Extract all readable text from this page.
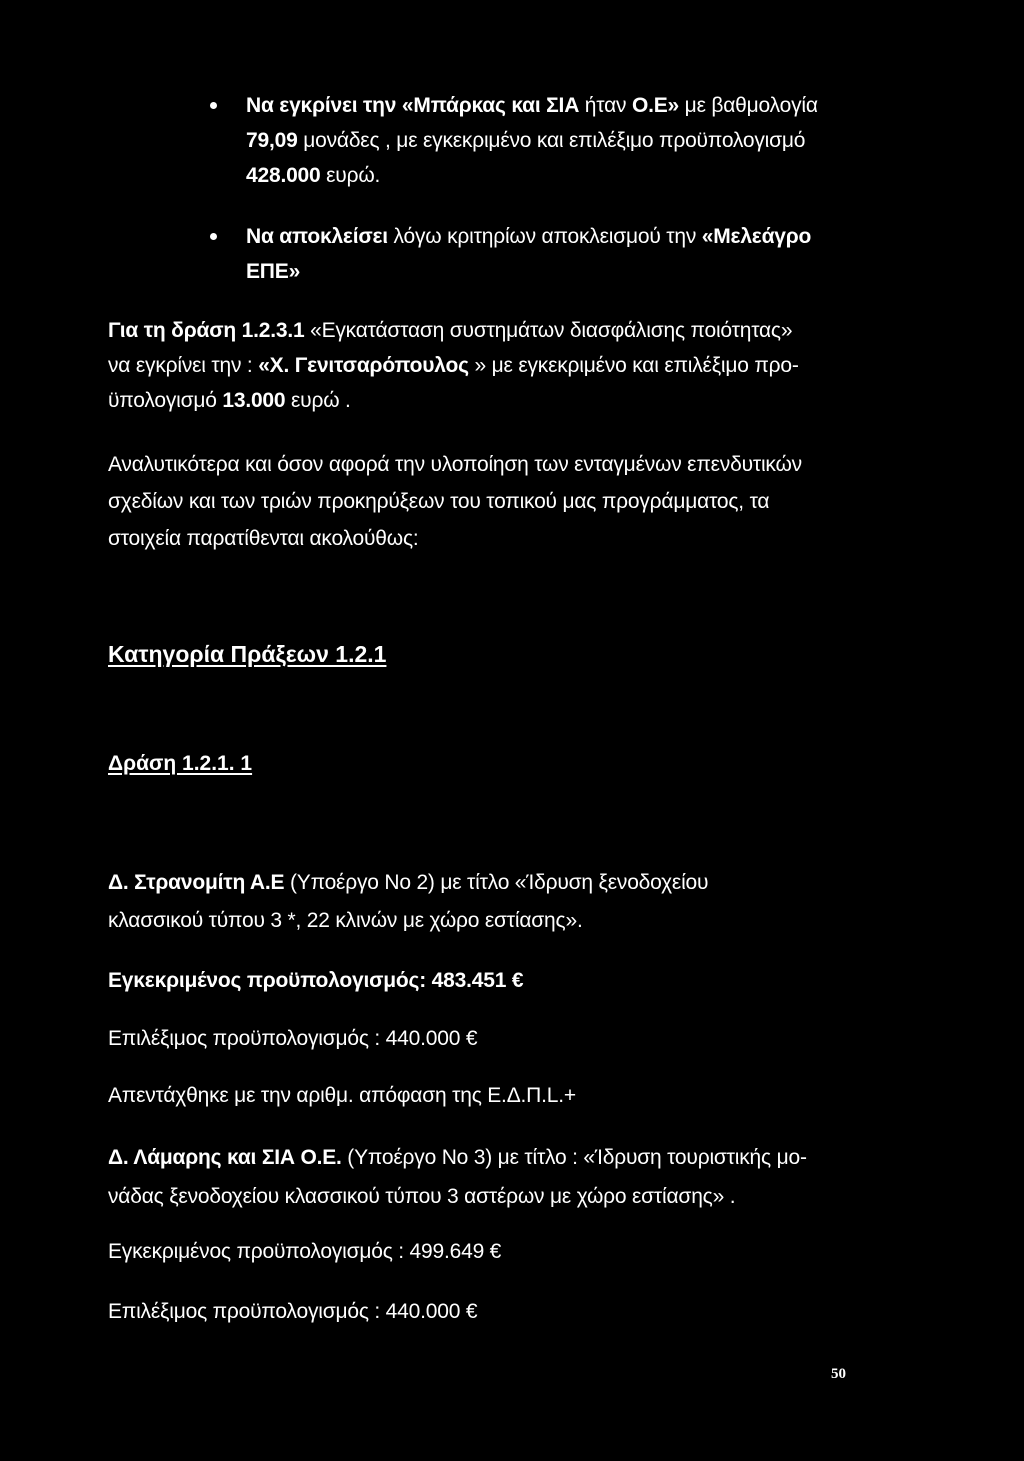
Να εγκρίνει την «Μπάρκας και ΣΙΑ ήταν Ο.Ε» με βαθμολογία
79,09 μονάδες , με εγκεκριμένο και επιλέξιμο προϋπολογισμό
428.000 ευρώ.
Να αποκλείσει λόγω κριτηρίων αποκλεισμού την «Μελεάγρο
ΕΠΕ»
Για τη δράση 1.2.3.1 «Εγκατάσταση συστημάτων διασφάλισης ποιότητας»
να εγκρίνει την : «Χ. Γενιτσαρόπουλος » με εγκεκριμένο και επιλέξιμο προ-
ϋπολογισμό 13.000 ευρώ .
Αναλυτικότερα και όσον αφορά την υλοποίηση των ενταγμένων επενδυτικών
σχεδίων και των τριών προκηρύξεων του τοπικού μας προγράμματος, τα
στοιχεία παρατίθενται ακολούθως:
Κατηγορία Πράξεων 1.2.1
Δράση 1.2.1. 1
Δ. Στρανομίτη Α.Ε (Υποέργο No 2) με τίτλο «Ίδρυση ξενοδοχείου
κλασσικού τύπου 3 *, 22 κλινών με χώρο εστίασης».
Εγκεκριμένος προϋπολογισμός: 483.451 €
Επιλέξιμος προϋπολογισμός : 440.000 €
Απεντάχθηκε με την αριθμ. απόφαση της Ε.Δ.Π.L.+
Δ. Λάμαρης και ΣΙΑ Ο.Ε. (Υποέργο No 3) με τίτλο : «Ίδρυση τουριστικής μο-
νάδας ξενοδοχείου κλασσικού τύπου 3 αστέρων με χώρο εστίασης» .
Εγκεκριμένος προϋπολογισμός : 499.649 €
Επιλέξιμος προϋπολογισμός : 440.000 €
50
